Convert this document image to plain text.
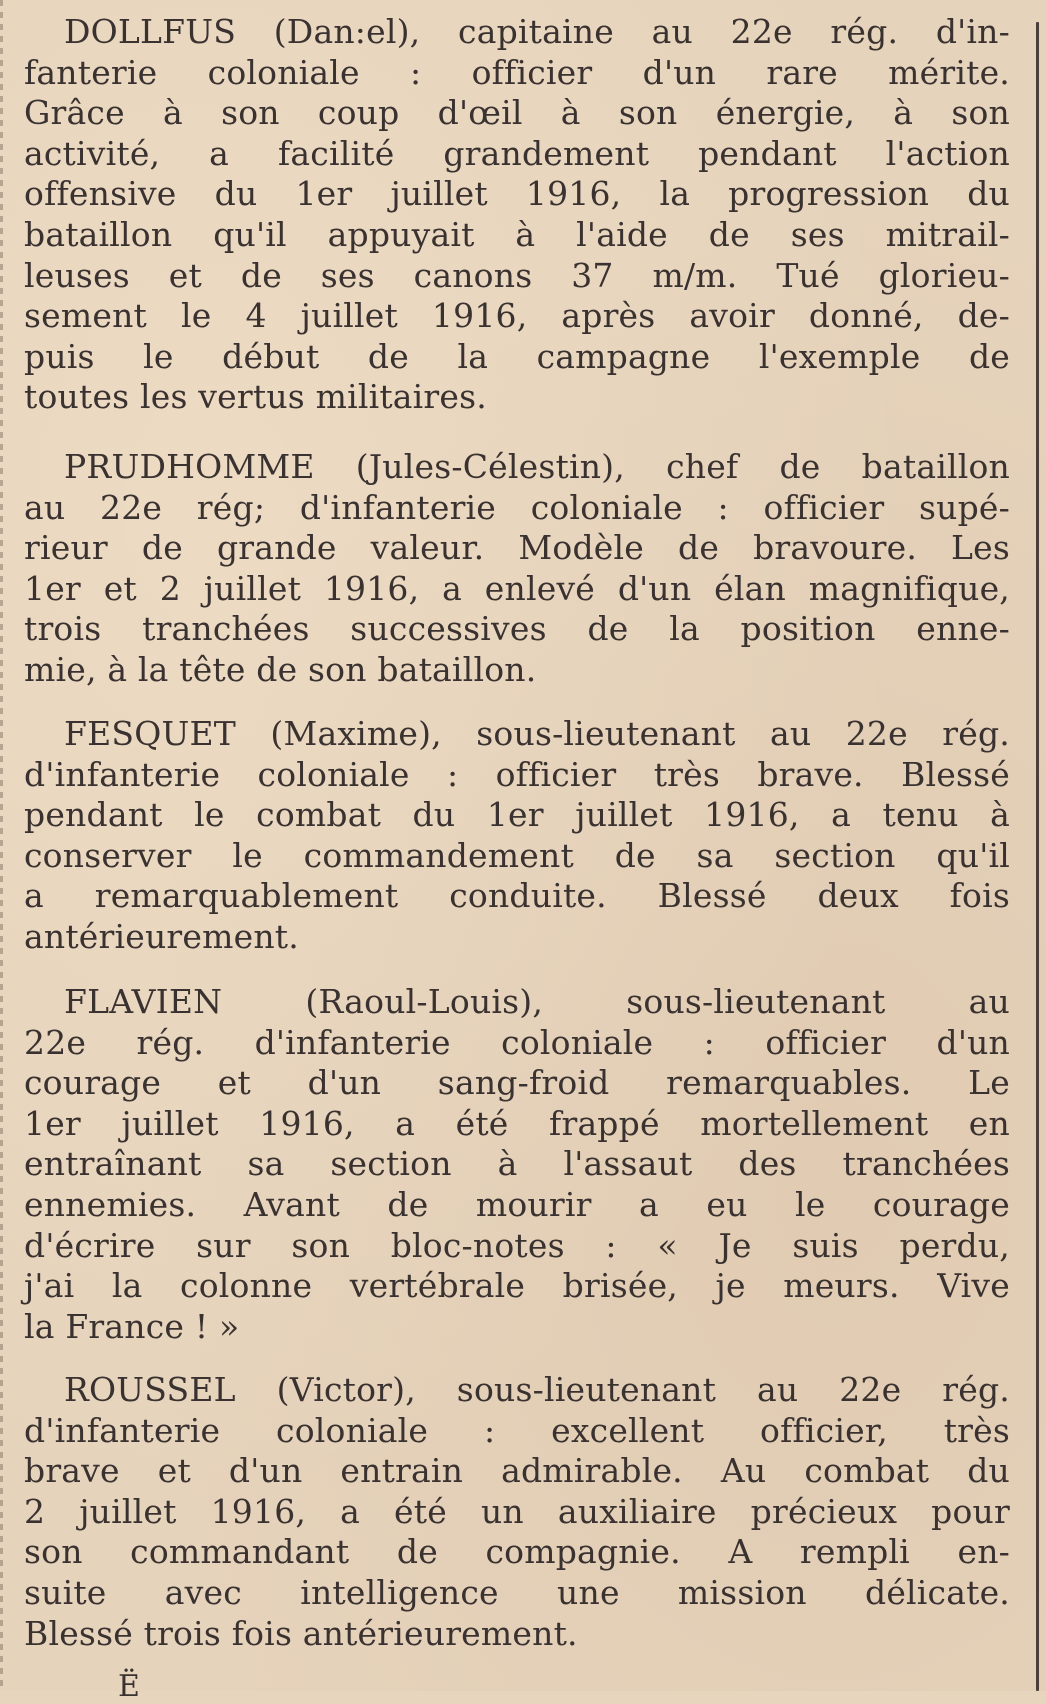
DOLLFUS (Dan:el), capitaine au 22e rég. d'in-
fanterie coloniale : officier d'un rare mérite.
Grâce à son coup d'œil à son énergie, à son
activité, a facilité grandement pendant l'action
offensive du 1er juillet 1916, la progression du
bataillon qu'il appuyait à l'aide de ses mitrail-
leuses et de ses canons 37 m/m. Tué glorieu-
sement le 4 juillet 1916, après avoir donné, de-
puis le début de la campagne l'exemple de
toutes les vertus militaires.
PRUDHOMME (Jules-Célestin), chef de bataillon
au 22e rég; d'infanterie coloniale : officier supé-
rieur de grande valeur. Modèle de bravoure. Les
1er et 2 juillet 1916, a enlevé d'un élan magnifique,
trois tranchées successives de la position enne-
mie, à la tête de son bataillon.
FESQUET (Maxime), sous-lieutenant au 22e rég.
d'infanterie coloniale : officier très brave. Blessé
pendant le combat du 1er juillet 1916, a tenu à
conserver le commandement de sa section qu'il
a remarquablement conduite. Blessé deux fois
antérieurement.
FLAVIEN (Raoul-Louis), sous-lieutenant au
22e rég. d'infanterie coloniale : officier d'un
courage et d'un sang-froid remarquables. Le
1er juillet 1916, a été frappé mortellement en
entraînant sa section à l'assaut des tranchées
ennemies. Avant de mourir a eu le courage
d'écrire sur son bloc-notes : « Je suis perdu,
j'ai la colonne vertébrale brisée, je meurs. Vive
la France ! »
ROUSSEL (Victor), sous-lieutenant au 22e rég.
d'infanterie coloniale : excellent officier, très
brave et d'un entrain admirable. Au combat du
2 juillet 1916, a été un auxiliaire précieux pour
son commandant de compagnie. A rempli en-
suite avec intelligence une mission délicate.
Blessé trois fois antérieurement.
Ë
